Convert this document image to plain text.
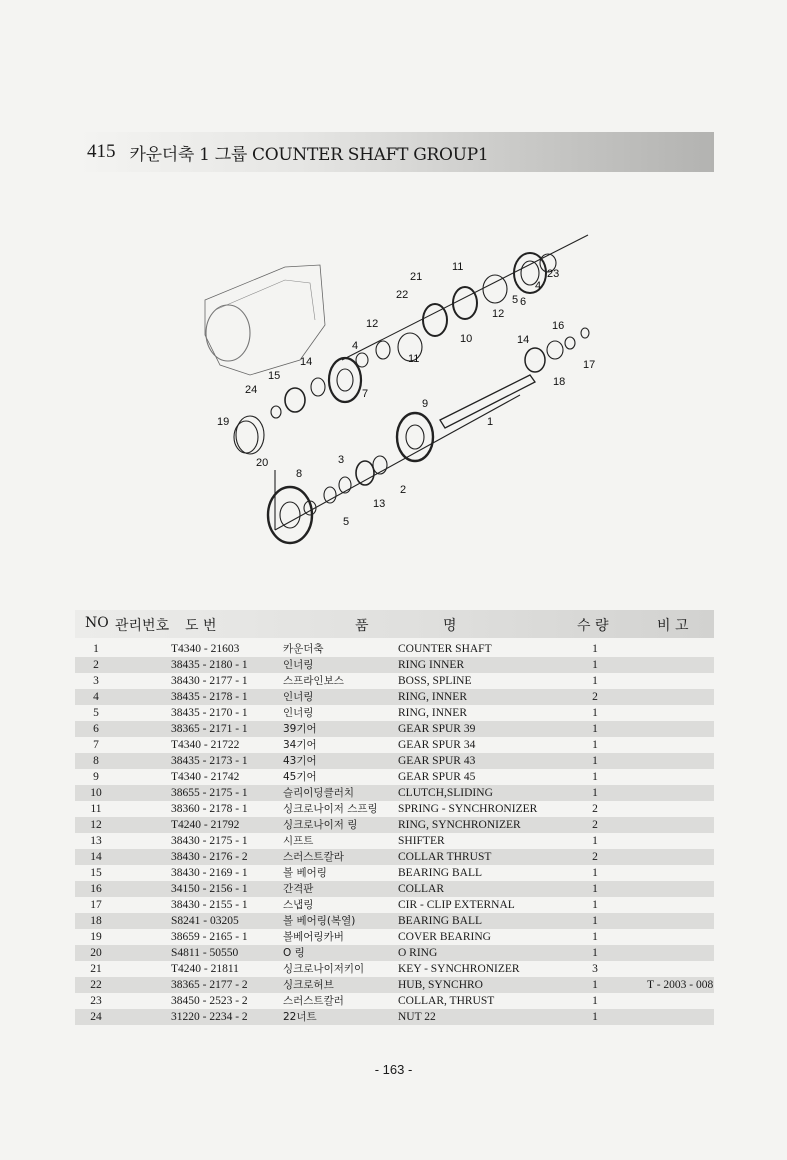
415 카운더축 1 그룹 COUNTER SHAFT GROUP1
21
11
23
22
6
4
12
5
10
12
4
11
16
14
17
15
14
18
7
24
9
1
19
20
8
3
2
13
5
NO 관리번호 도 번	품	명	수 량	비 고
1	T4340 - 21603	카운더축	COUNTER SHAFT	1
2	38435 - 2180 - 1	인너링	RING INNER	1
3	38430 - 2177 - 1	스프라인보스	BOSS, SPLINE	1
4	38435 - 2178 - 1	인너링	RING, INNER	2
5	38435 - 2170 - 1	인너링	RING, INNER	1
6	38365 - 2171 - 1	39기어	GEAR SPUR 39	1
7	T4340 - 21722	34기어	GEAR SPUR 34	1
8	38435 - 2173 - 1	43기어	GEAR SPUR 43	1
9	T4340 - 21742	45기어	GEAR SPUR 45	1
10	38655 - 2175 - 1	슬리이딩클러치	CLUTCH,SLIDING	1
11	38360 - 2178 - 1	싱크로나이저 스프링 SPRING - SYNCHRONIZER	2
12	T4240 - 21792	싱크로나이저 링	RING, SYNCHRONIZER	2
13	38430 - 2175 - 1	시프트	SHIFTER	1
14	38430 - 2176 - 2	스러스트칼라	COLLAR THRUST	2
15	38430 - 2169 - 1	볼 베어링	BEARING BALL	1
16	34150 - 2156 - 1	간격판	COLLAR	1
17	38430 - 2155 - 1	스냅링	CIR - CLIP EXTERNAL	1
18	S8241 - 03205	볼 베어링(복열)	BEARING BALL	1
19	38659 - 2165 - 1	볼베어링카버	COVER BEARING	1
20	S4811 - 50550	O 링	O RING	1
21	T4240 - 21811	싱크로나이저키이	KEY - SYNCHRONIZER	3
22	38365 - 2177 - 2	싱크로허브	HUB, SYNCHRO	1	T - 2003 - 008
23	38450 - 2523 - 2	스러스트칼러	COLLAR, THRUST	1
24	31220 - 2234 - 2	22너트	NUT 22	1
- 163 -
